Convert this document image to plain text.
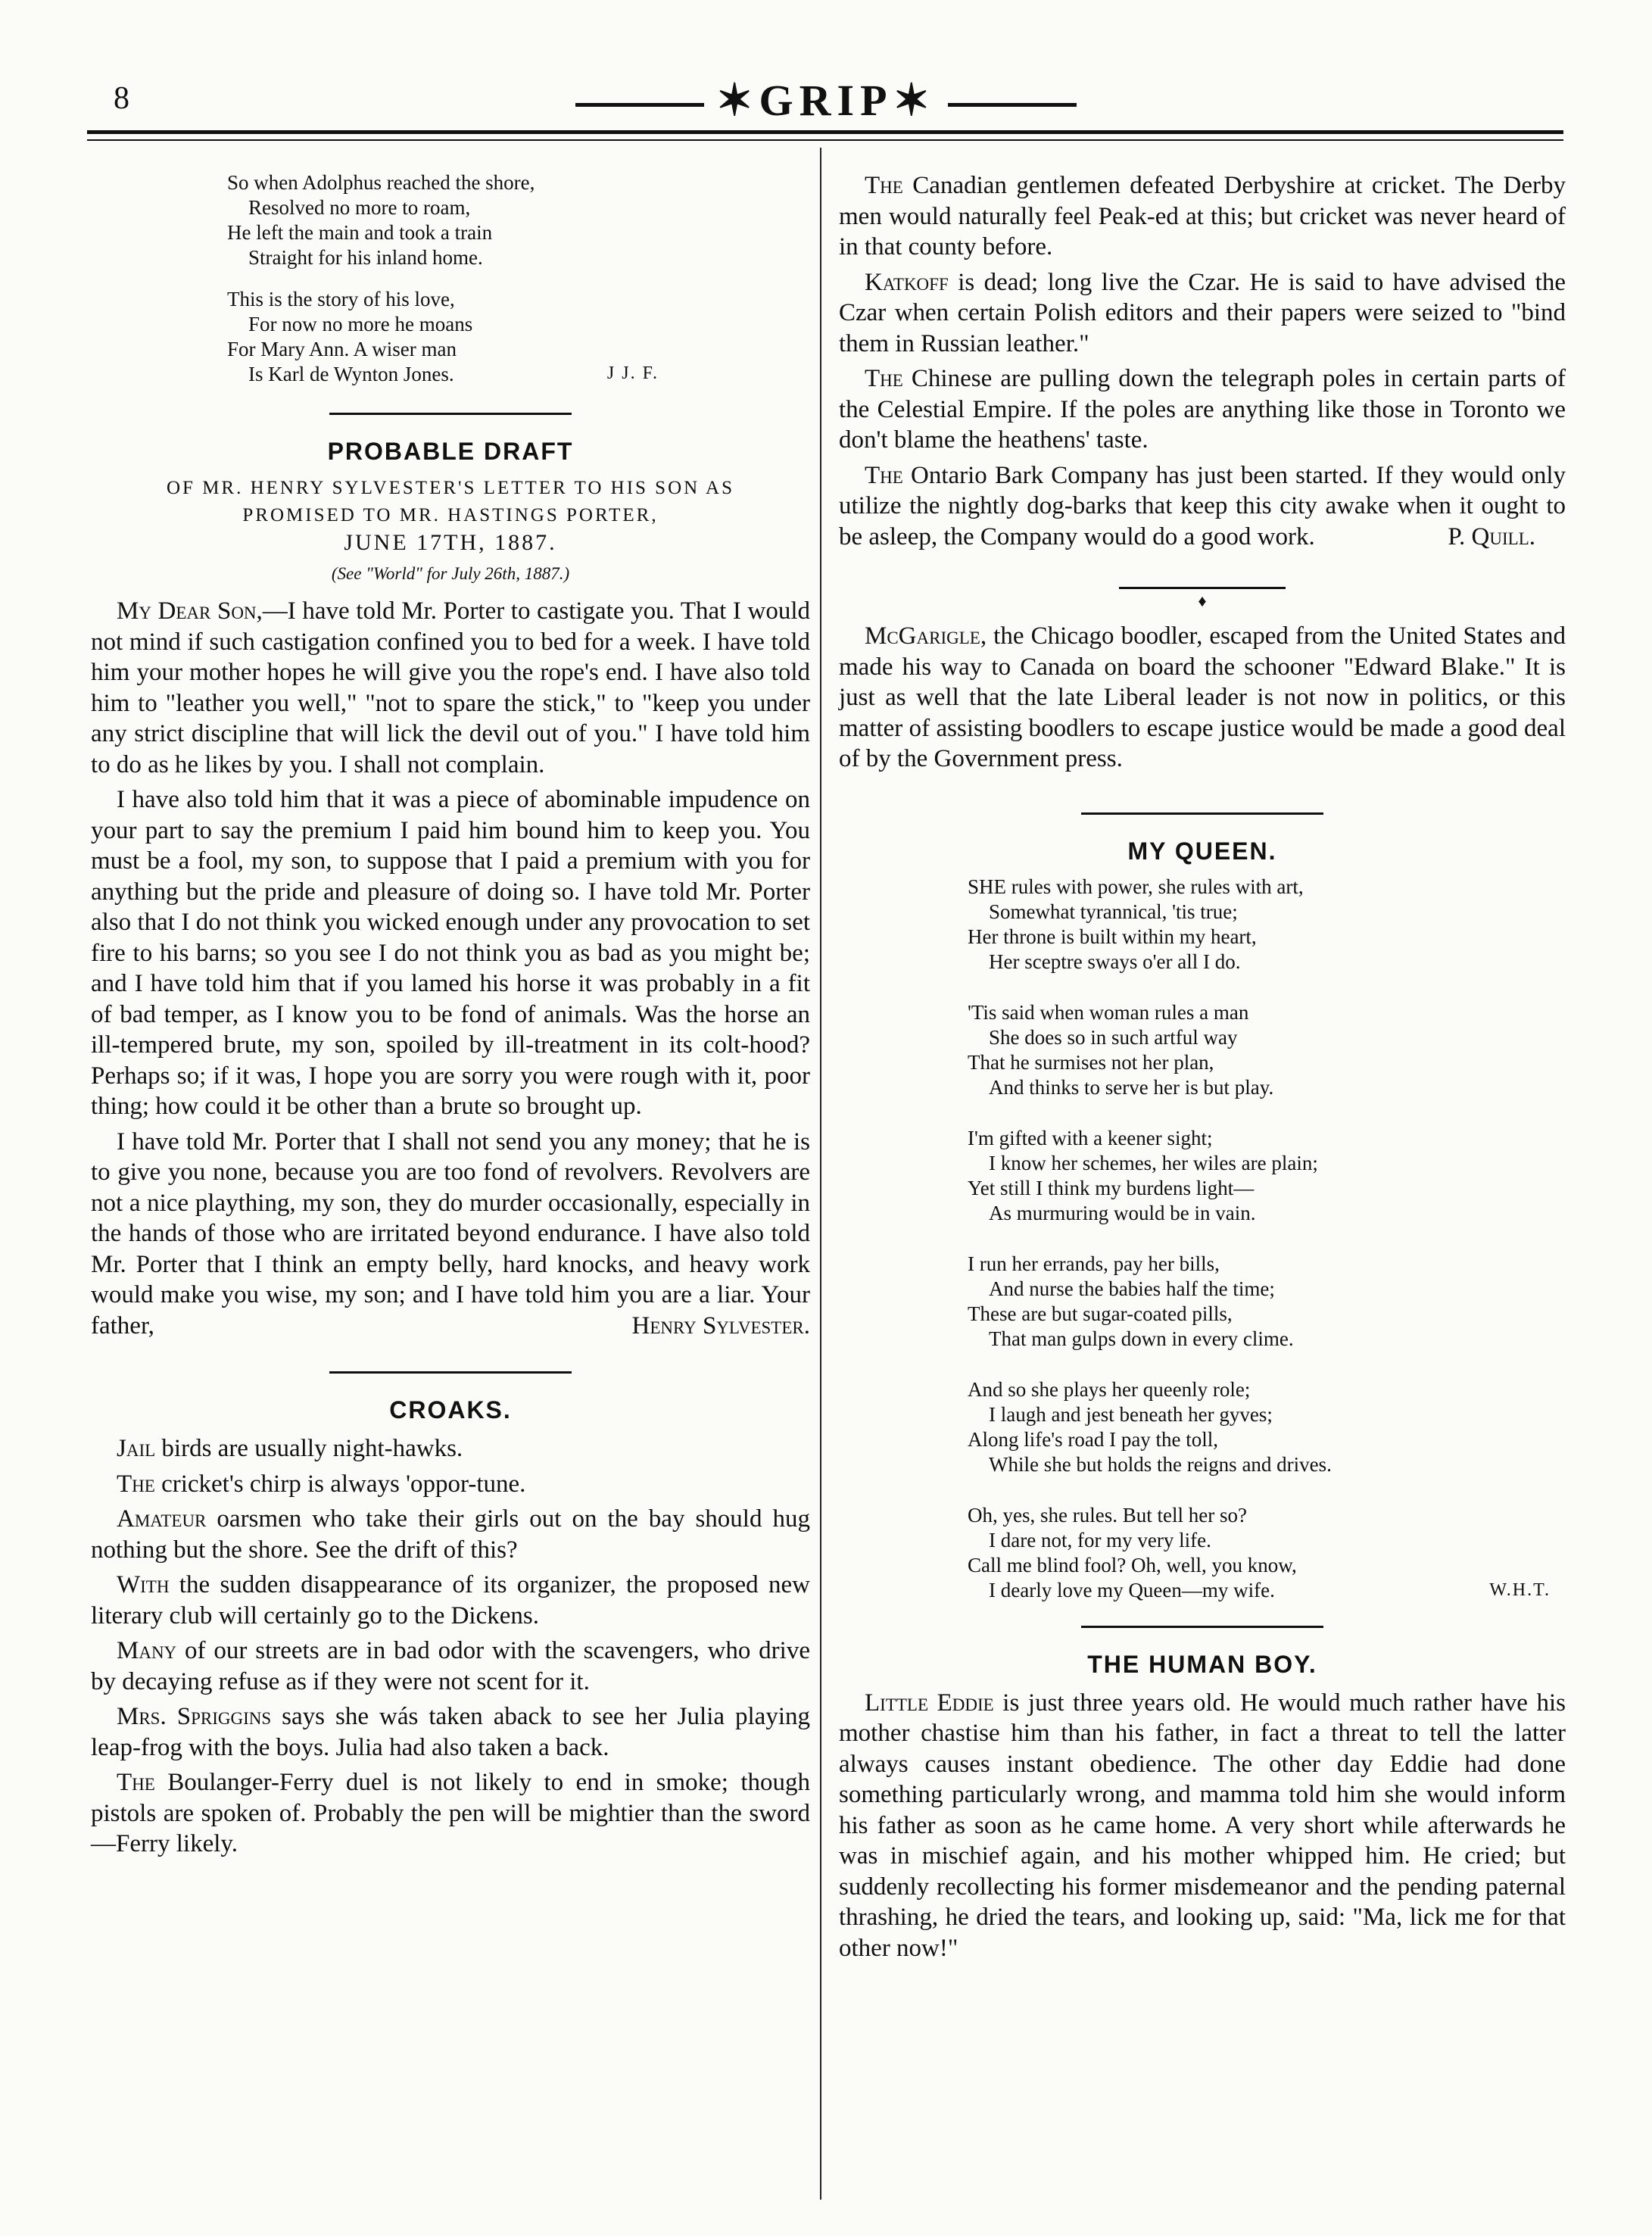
8	✶GRIP✶
So when Adolphus reached the shore,
Resolved no more to roam,
He left the main and took a train
Straight for his inland home.
This is the story of his love,
For now no more he moans
For Mary Ann. A wiser man
Is Karl de Wynton Jones.	J J. F.
PROBABLE DRAFT
OF MR. HENRY SYLVESTER'S LETTER TO HIS SON AS
PROMISED TO MR. HASTINGS PORTER,
JUNE 17TH, 1887.
(See "World" for July 26th, 1887.)

My Dear Son,—I have told Mr. Porter to castigate you. That I would not mind if such castigation confined you to bed for a week. I have told him your mother hopes he will give you the rope's end. I have also told him to "leather you well," "not to spare the stick," to "keep you under any strict discipline that will lick the devil out of you." I have told him to do as he likes by you. I shall not complain.

I have also told him that it was a piece of abominable impudence on your part to say the premium I paid him bound him to keep you. You must be a fool, my son, to suppose that I paid a premium with you for anything but the pride and pleasure of doing so. I have told Mr. Porter also that I do not think you wicked enough under any provocation to set fire to his barns; so you see I do not think you as bad as you might be; and I have told him that if you lamed his horse it was probably in a fit of bad temper, as I know you to be fond of animals. Was the horse an ill-tempered brute, my son, spoiled by ill-treatment in its colt-hood? Perhaps so; if it was, I hope you are sorry you were rough with it, poor thing; how could it be other than a brute so brought up.

I have told Mr. Porter that I shall not send you any money; that he is to give you none, because you are too fond of revolvers. Revolvers are not a nice plaything, my son, they do murder occasionally, especially in the hands of those who are irritated beyond endurance. I have also told Mr. Porter that I think an empty belly, hard knocks, and heavy work would make you wise, my son; and I have told him you are a liar. Your father,	Henry Sylvester.

CROAKS.

Jail birds are usually night-hawks.

The cricket's chirp is always 'oppor-tune.

Amateur oarsmen who take their girls out on the bay should hug nothing but the shore. See the drift of this?

With the sudden disappearance of its organizer, the proposed new literary club will certainly go to the Dickens.

Many of our streets are in bad odor with the scavengers, who drive by decaying refuse as if they were not scent for it.

Mrs. Spriggins says she wás taken aback to see her Julia playing leap-frog with the boys. Julia had also taken a back.

The Boulanger-Ferry duel is not likely to end in smoke; though pistols are spoken of. Probably the pen will be mightier than the sword—Ferry likely.

The Canadian gentlemen defeated Derbyshire at cricket. The Derby men would naturally feel Peak-ed at this; but cricket was never heard of in that county before.

Katkoff is dead; long live the Czar. He is said to have advised the Czar when certain Polish editors and their papers were seized to "bind them in Russian leather."

The Chinese are pulling down the telegraph poles in certain parts of the Celestial Empire. If the poles are anything like those in Toronto we don't blame the heathens' taste.

The Ontario Bark Company has just been started. If they would only utilize the nightly dog-barks that keep this city awake when it ought to be asleep, the Company would do a good work.	P. Quill.

♦

McGarigle, the Chicago boodler, escaped from the United States and made his way to Canada on board the schooner "Edward Blake." It is just as well that the late Liberal leader is not now in politics, or this matter of assisting boodlers to escape justice would be made a good deal of by the Government press.

MY QUEEN.
SHE rules with power, she rules with art,
Somewhat tyrannical, 'tis true;
Her throne is built within my heart,
Her sceptre sways o'er all I do.
'Tis said when woman rules a man
She does so in such artful way
That he surmises not her plan,
And thinks to serve her is but play.
I'm gifted with a keener sight;
I know her schemes, her wiles are plain;
Yet still I think my burdens light—
As murmuring would be in vain.
I run her errands, pay her bills,
And nurse the babies half the time;
These are but sugar-coated pills,
That man gulps down in every clime.
And so she plays her queenly role;
I laugh and jest beneath her gyves;
Along life's road I pay the toll,
While she but holds the reigns and drives.
Oh, yes, she rules. But tell her so?
I dare not, for my very life.
Call me blind fool? Oh, well, you know,
I dearly love my Queen—my wife.	W.H.T.
THE HUMAN BOY.

Little Eddie is just three years old. He would much rather have his mother chastise him than his father, in fact a threat to tell the latter always causes instant obedience. The other day Eddie had done something particularly wrong, and mamma told him she would inform his father as soon as he came home. A very short while afterwards he was in mischief again, and his mother whipped him. He cried; but suddenly recollecting his former misdemeanor and the pending paternal thrashing, he dried the tears, and looking up, said: "Ma, lick me for that other now!"
